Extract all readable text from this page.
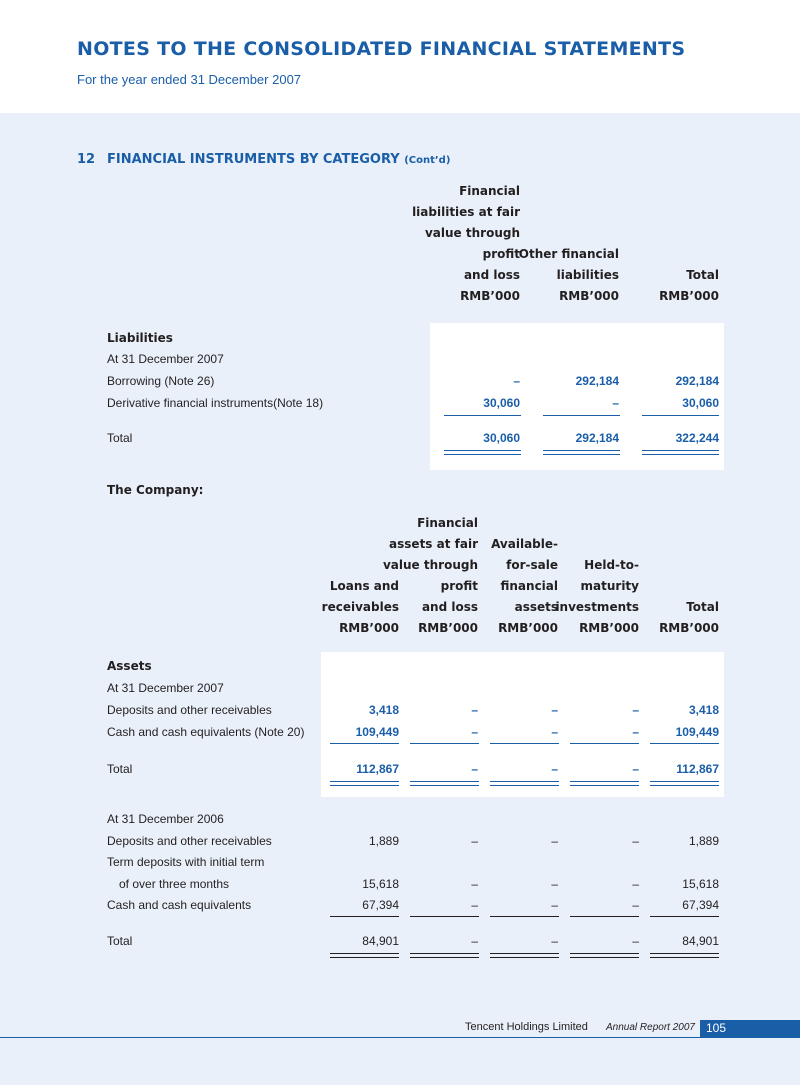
NOTES TO THE CONSOLIDATED FINANCIAL STATEMENTS
For the year ended 31 December 2007
12 FINANCIAL INSTRUMENTS BY CATEGORY (Cont’d)
Financial
liabilities at fair
value through
profit
and loss
RMB’000
Other financial
liabilities
RMB’000
Total
RMB’000
Liabilities
At 31 December 2007
Borrowing (Note 26)	–	292,184	292,184
Derivative financial instruments(Note 18)	30,060	–	30,060
Total	30,060	292,184	322,244
The Company:
Loans and
receivables
RMB’000
Financial
assets at fair
value through
profit
and loss
RMB’000
Available-
for-sale
financial
assets
RMB’000
Held-to-
maturity
investments
RMB’000
Total
RMB’000
Assets
At 31 December 2007
Deposits and other receivables	3,418	–	–	–	3,418
Cash and cash equivalents (Note 20)	109,449	–	–	–	109,449
Total	112,867	–	–	–	112,867
At 31 December 2006
Deposits and other receivables	1,889	–	–	–	1,889
Term deposits with initial term
of over three months	15,618	–	–	–	15,618
Cash and cash equivalents	67,394	–	–	–	67,394
Total	84,901	–	–	–	84,901
Tencent Holdings Limited Annual Report 2007 105
